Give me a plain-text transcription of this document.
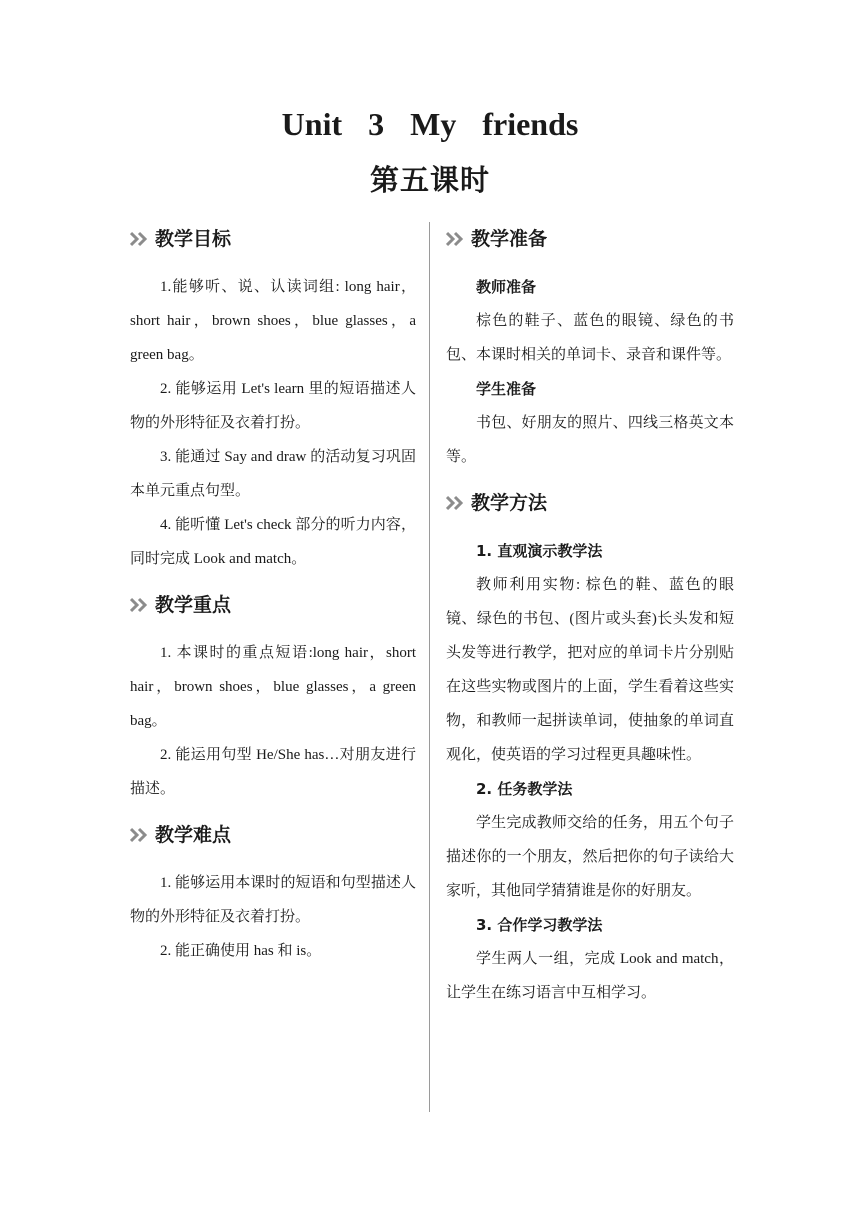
Unit 3 My friends
第五课时
教学目标
1.能够听、说、认读词组: long hair，short hair，brown shoes，blue glasses，a green bag。
2. 能够运用 Let's learn 里的短语描述人物的外形特征及衣着打扮。
3. 能通过 Say and draw 的活动复习巩固本单元重点句型。
4. 能听懂 Let's check 部分的听力内容，同时完成 Look and match。
教学重点
1. 本课时的重点短语:long hair，short hair，brown shoes，blue glasses，a green bag。
2. 能运用句型 He/She has…对朋友进行描述。
教学难点
1. 能够运用本课时的短语和句型描述人物的外形特征及衣着打扮。
2. 能正确使用 has 和 is。
教学准备
教师准备
棕色的鞋子、蓝色的眼镜、绿色的书包、本课时相关的单词卡、录音和课件等。
学生准备
书包、好朋友的照片、四线三格英文本等。
教学方法
1. 直观演示教学法
教师利用实物: 棕色的鞋、蓝色的眼镜、绿色的书包、(图片或头套)长头发和短头发等进行教学，把对应的单词卡片分别贴在这些实物或图片的上面，学生看着这些实物，和教师一起拼读单词，使抽象的单词直观化，使英语的学习过程更具趣味性。
2. 任务教学法
学生完成教师交给的任务，用五个句子描述你的一个朋友，然后把你的句子读给大家听，其他同学猜猜谁是你的好朋友。
3. 合作学习教学法
学生两人一组，完成 Look and match，让学生在练习语言中互相学习。
